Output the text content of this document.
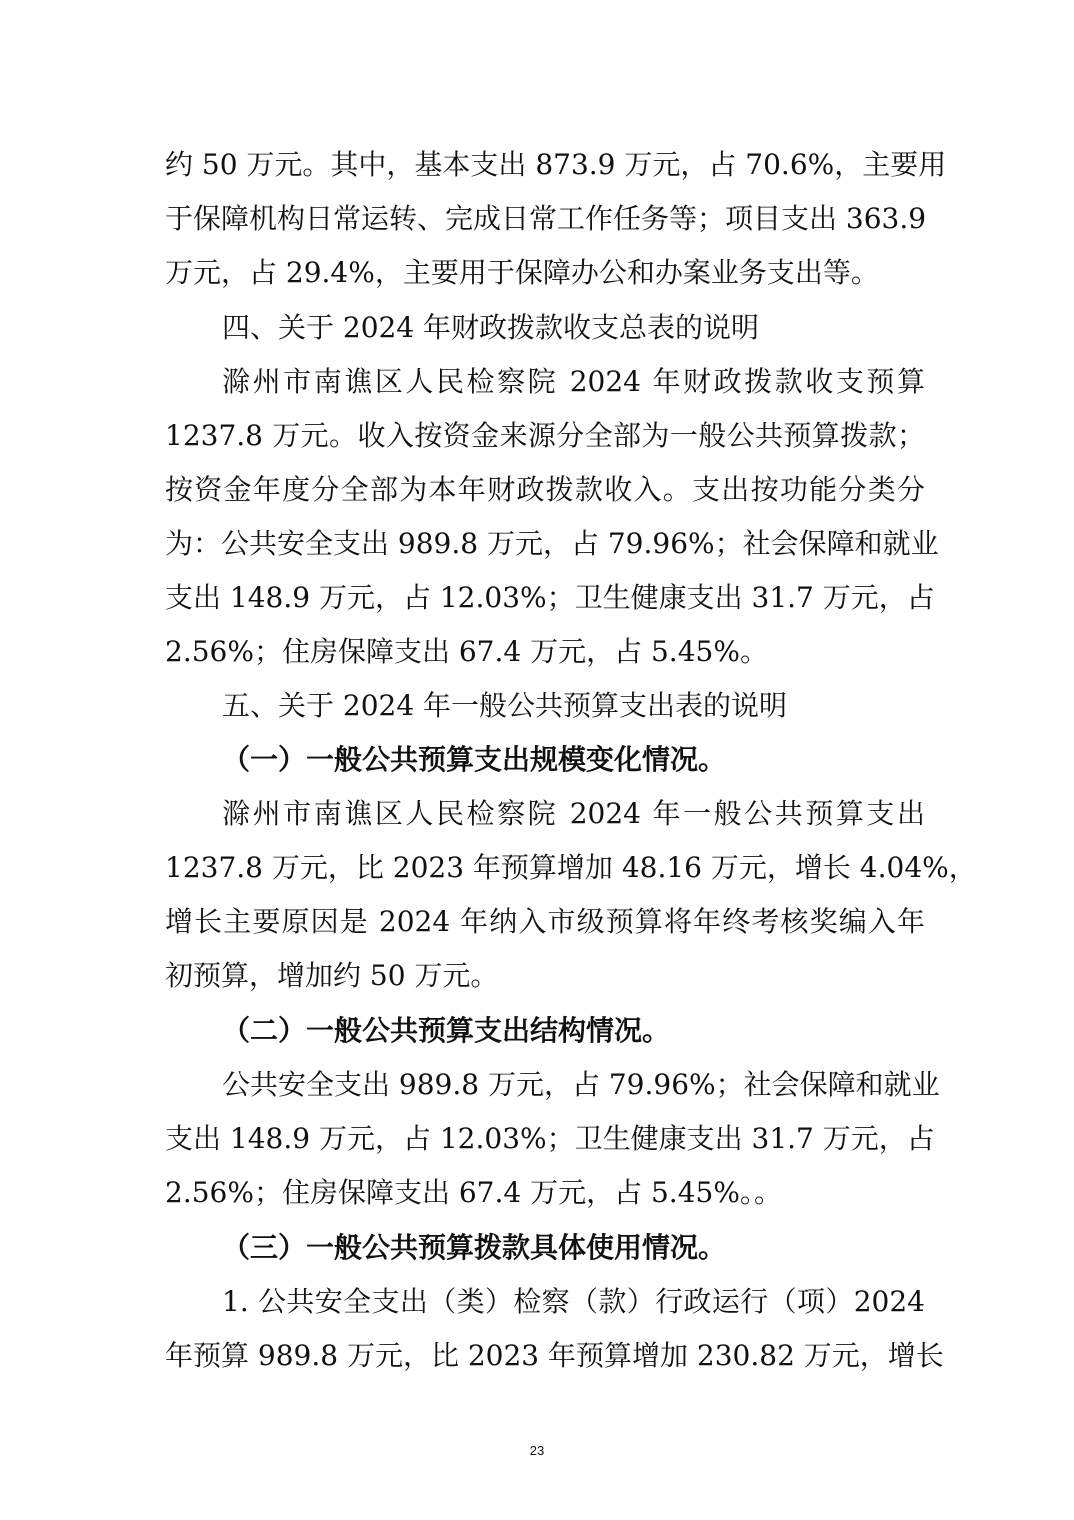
约 50 万元。其中，基本支出 873.9 万元，占 70.6%，主要用
于保障机构日常运转、完成日常工作任务等；项目支出 363.9
万元，占 29.4%，主要用于保障办公和办案业务支出等。
四、关于 2024 年财政拨款收支总表的说明
滁州市南谯区人民检察院 2024 年财政拨款收支预算
1237.8 万元。收入按资金来源分全部为一般公共预算拨款；
按资金年度分全部为本年财政拨款收入。支出按功能分类分
为：公共安全支出 989.8 万元，占 79.96%；社会保障和就业
支出 148.9 万元，占 12.03%；卫生健康支出 31.7 万元，占
2.56%；住房保障支出 67.4 万元，占 5.45%。
五、关于 2024 年一般公共预算支出表的说明
（一）一般公共预算支出规模变化情况。
滁州市南谯区人民检察院 2024 年一般公共预算支出
1237.8 万元，比 2023 年预算增加 48.16 万元，增长 4.04%，
增长主要原因是 2024 年纳入市级预算将年终考核奖编入年
初预算，增加约 50 万元。
（二）一般公共预算支出结构情况。
公共安全支出 989.8 万元，占 79.96%；社会保障和就业
支出 148.9 万元，占 12.03%；卫生健康支出 31.7 万元，占
2.56%；住房保障支出 67.4 万元，占 5.45%。。
（三）一般公共预算拨款具体使用情况。
1. 公共安全支出（类）检察（款）行政运行（项）2024
年预算 989.8 万元，比 2023 年预算增加 230.82 万元，增长
23
